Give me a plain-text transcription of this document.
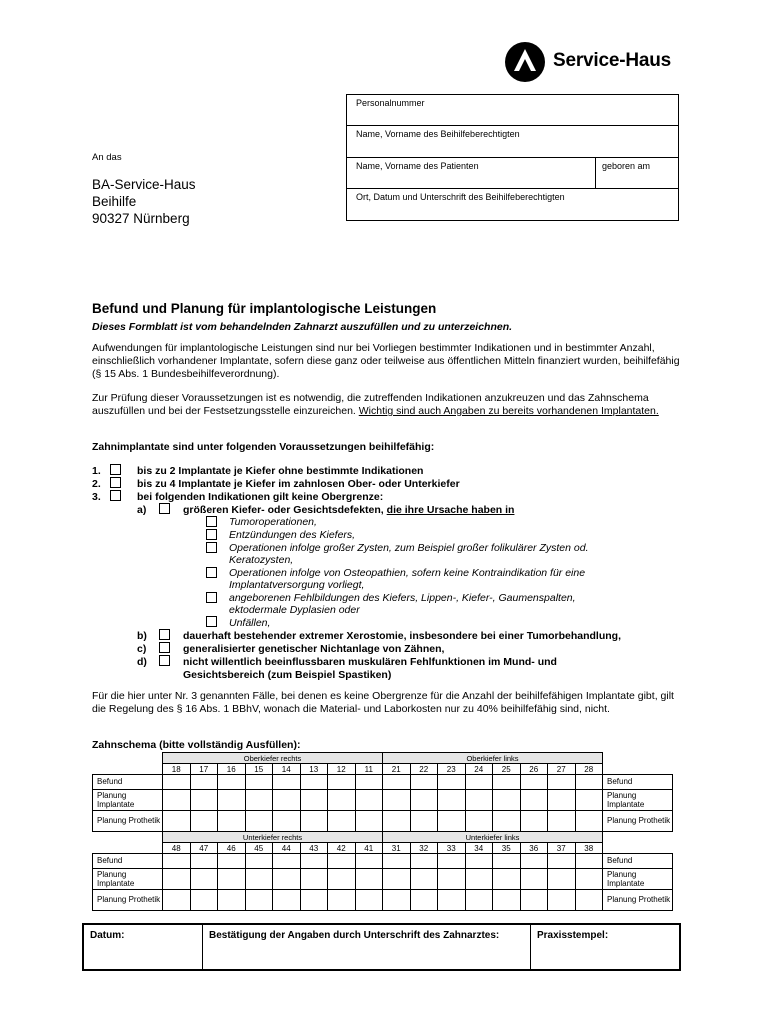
Service-Haus
Personalnummer
Name, Vorname des Beihilfeberechtigten
Name, Vorname des Patienten	geboren am
Ort, Datum und Unterschrift des Beihilfeberechtigten
An das
BA-Service-Haus
Beihilfe
90327 Nürnberg
Befund und Planung für implantologische Leistungen
Dieses Formblatt ist vom behandelnden Zahnarzt auszufüllen und zu unterzeichnen.
Aufwendungen für implantologische Leistungen sind nur bei Vorliegen bestimmter Indikationen und in bestimmter Anzahl, einschließlich vorhandener Implantate, sofern diese ganz oder teilweise aus öffentlichen Mitteln finanziert wurden, beihilfefähig (§ 15 Abs. 1 Bundesbeihilfeverordnung).
Zur Prüfung dieser Voraussetzungen ist es notwendig, die zutreffenden Indikationen anzukreuzen und das Zahnschema auszufüllen und bei der Festsetzungsstelle einzureichen. Wichtig sind auch Angaben zu bereits vorhandenen Implantaten.
Zahnimplantate sind unter folgenden Voraussetzungen beihilfefähig:
1.	bis zu 2 Implantate je Kiefer ohne bestimmte Indikationen
2.	bis zu 4 Implantate je Kiefer im zahnlosen Ober- oder Unterkiefer
3.	bei folgenden Indikationen gilt keine Obergrenze:
a)	größeren Kiefer- oder Gesichtsdefekten, die ihre Ursache haben in
Tumoroperationen,
Entzündungen des Kiefers,
Operationen infolge großer Zysten, zum Beispiel großer folikulärer Zysten od.
Keratozysten,
Operationen infolge von Osteopathien, sofern keine Kontraindikation für eine
Implantatversorgung vorliegt,
angeborenen Fehlbildungen des Kiefers, Lippen-, Kiefer-, Gaumenspalten,
ektodermale Dyplasien oder
Unfällen,
b)	dauerhaft bestehender extremer Xerostomie, insbesondere bei einer Tumorbehandlung,
c)	generalisierter genetischer Nichtanlage von Zähnen,
d)	nicht willentlich beeinflussbaren muskulären Fehlfunktionen im Mund- und
Gesichtsbereich (zum Beispiel Spastiken)
Für die hier unter Nr. 3 genannten Fälle, bei denen es keine Obergrenze für die Anzahl der beihilfefähigen Implantate gibt, gilt die Regelung des § 16 Abs. 1 BBhV, wonach die Material- und Laborkosten nur zu 40% beihilfefähig sind, nicht.
Zahnschema (bitte vollständig Ausfüllen):
	Oberkiefer rechts								Oberkiefer links								
	18	17	16	15	14	13	12	11	21	22	23	24	25	26	27	28	
Befund																	Befund
Planung Implantate																	Planung Implantate
Planung Prothetik																	Planung Prothetik
	Unterkiefer rechts								Unterkiefer links								
	48	47	46	45	44	43	42	41	31	32	33	34	35	36	37	38	
Befund																	Befund
Planung Implantate																	Planung Implantate
Planung Prothetik																	Planung Prothetik
Datum:	Bestätigung der Angaben durch Unterschrift des Zahnarztes:	Praxisstempel:
